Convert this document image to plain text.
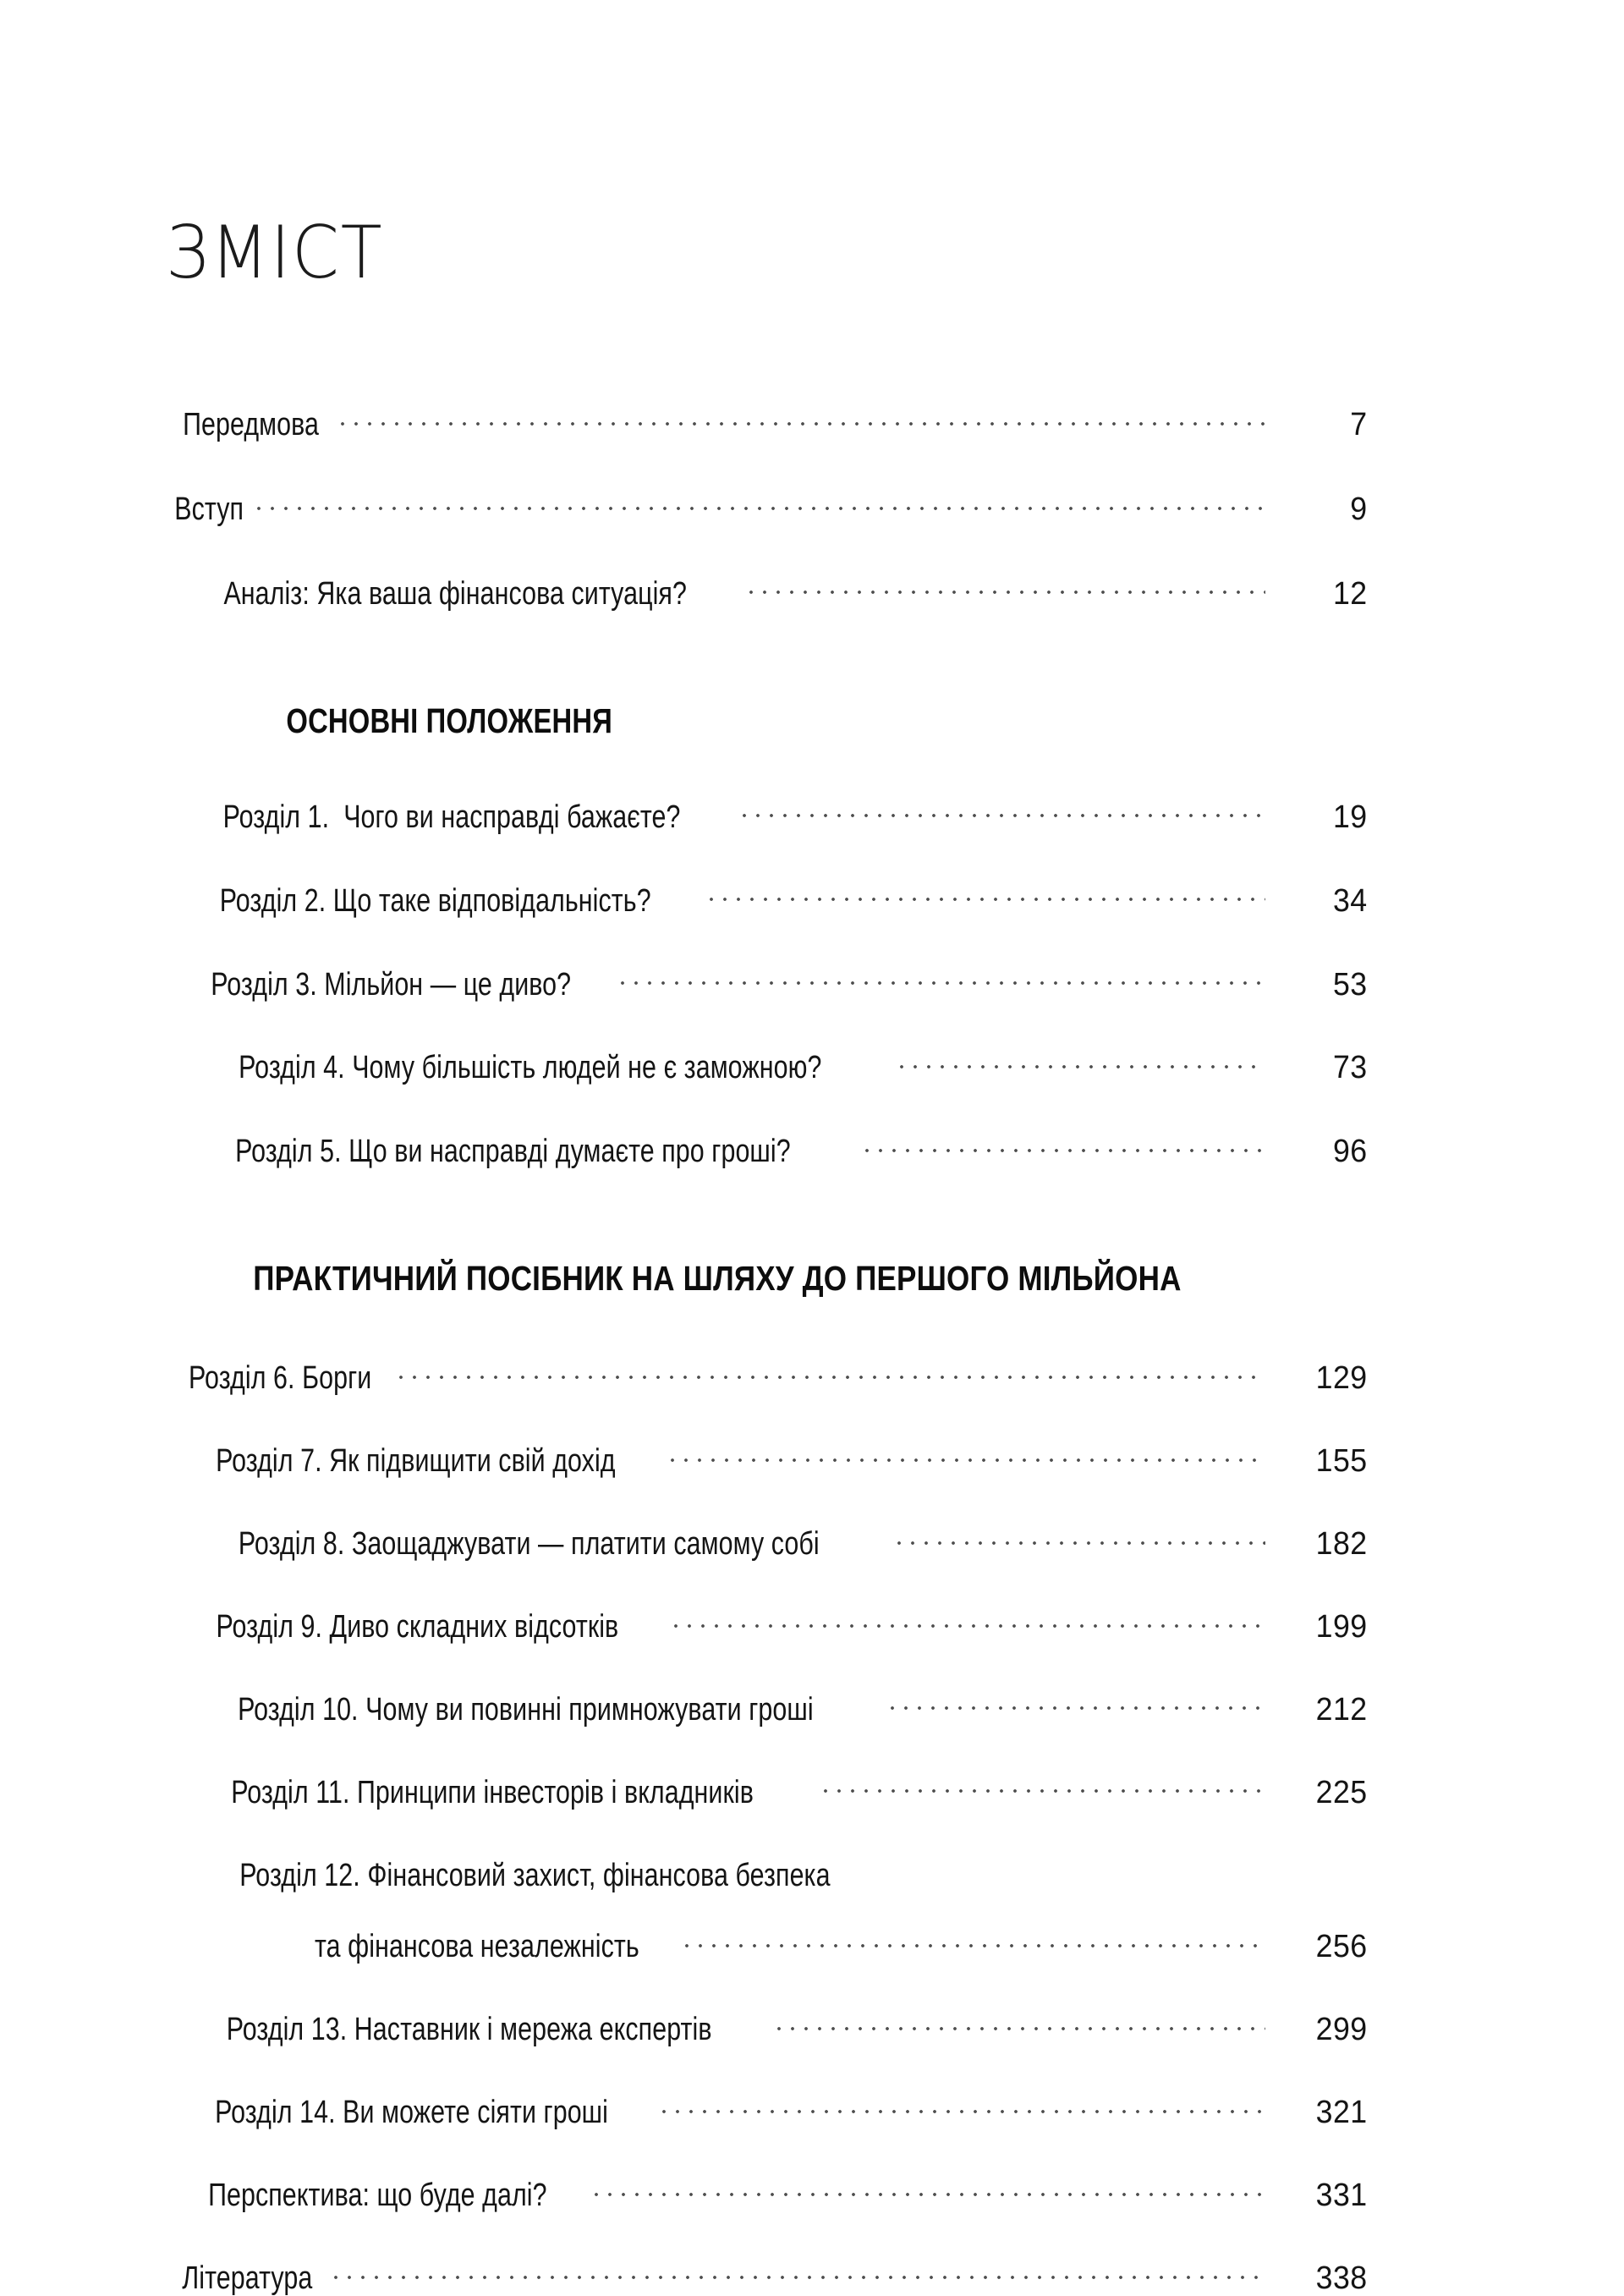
ЗМІСТ
Передмова	7
Вступ	9
Аналіз: Яка ваша фінансова ситуація?	12
ОСНОВНІ ПОЛОЖЕННЯ
Розділ 1.  Чого ви насправді бажаєте?	19
Розділ 2. Що таке відповідальність?	34
Розділ 3. Мільйон — це диво?	53
Розділ 4. Чому більшість людей не є заможною?	73
Розділ 5. Що ви насправді думаєте про гроші?	96
ПРАКТИЧНИЙ ПОСІБНИК НА ШЛЯХУ ДО ПЕРШОГО МІЛЬЙОНА
Розділ 6. Борги	129
Розділ 7. Як підвищити свій дохід	155
Розділ 8. Заощаджувати — платити самому собі	182
Розділ 9. Диво складних відсотків	199
Розділ 10. Чому ви повинні примножувати гроші	212
Розділ 11. Принципи інвесторів і вкладників	225
Розділ 12. Фінансовий захист, фінансова безпека
та фінансова незалежність	256
Розділ 13. Наставник і мережа експертів	299
Розділ 14. Ви можете сіяти гроші	321
Перспектива: що буде далі?	331
Література	338
